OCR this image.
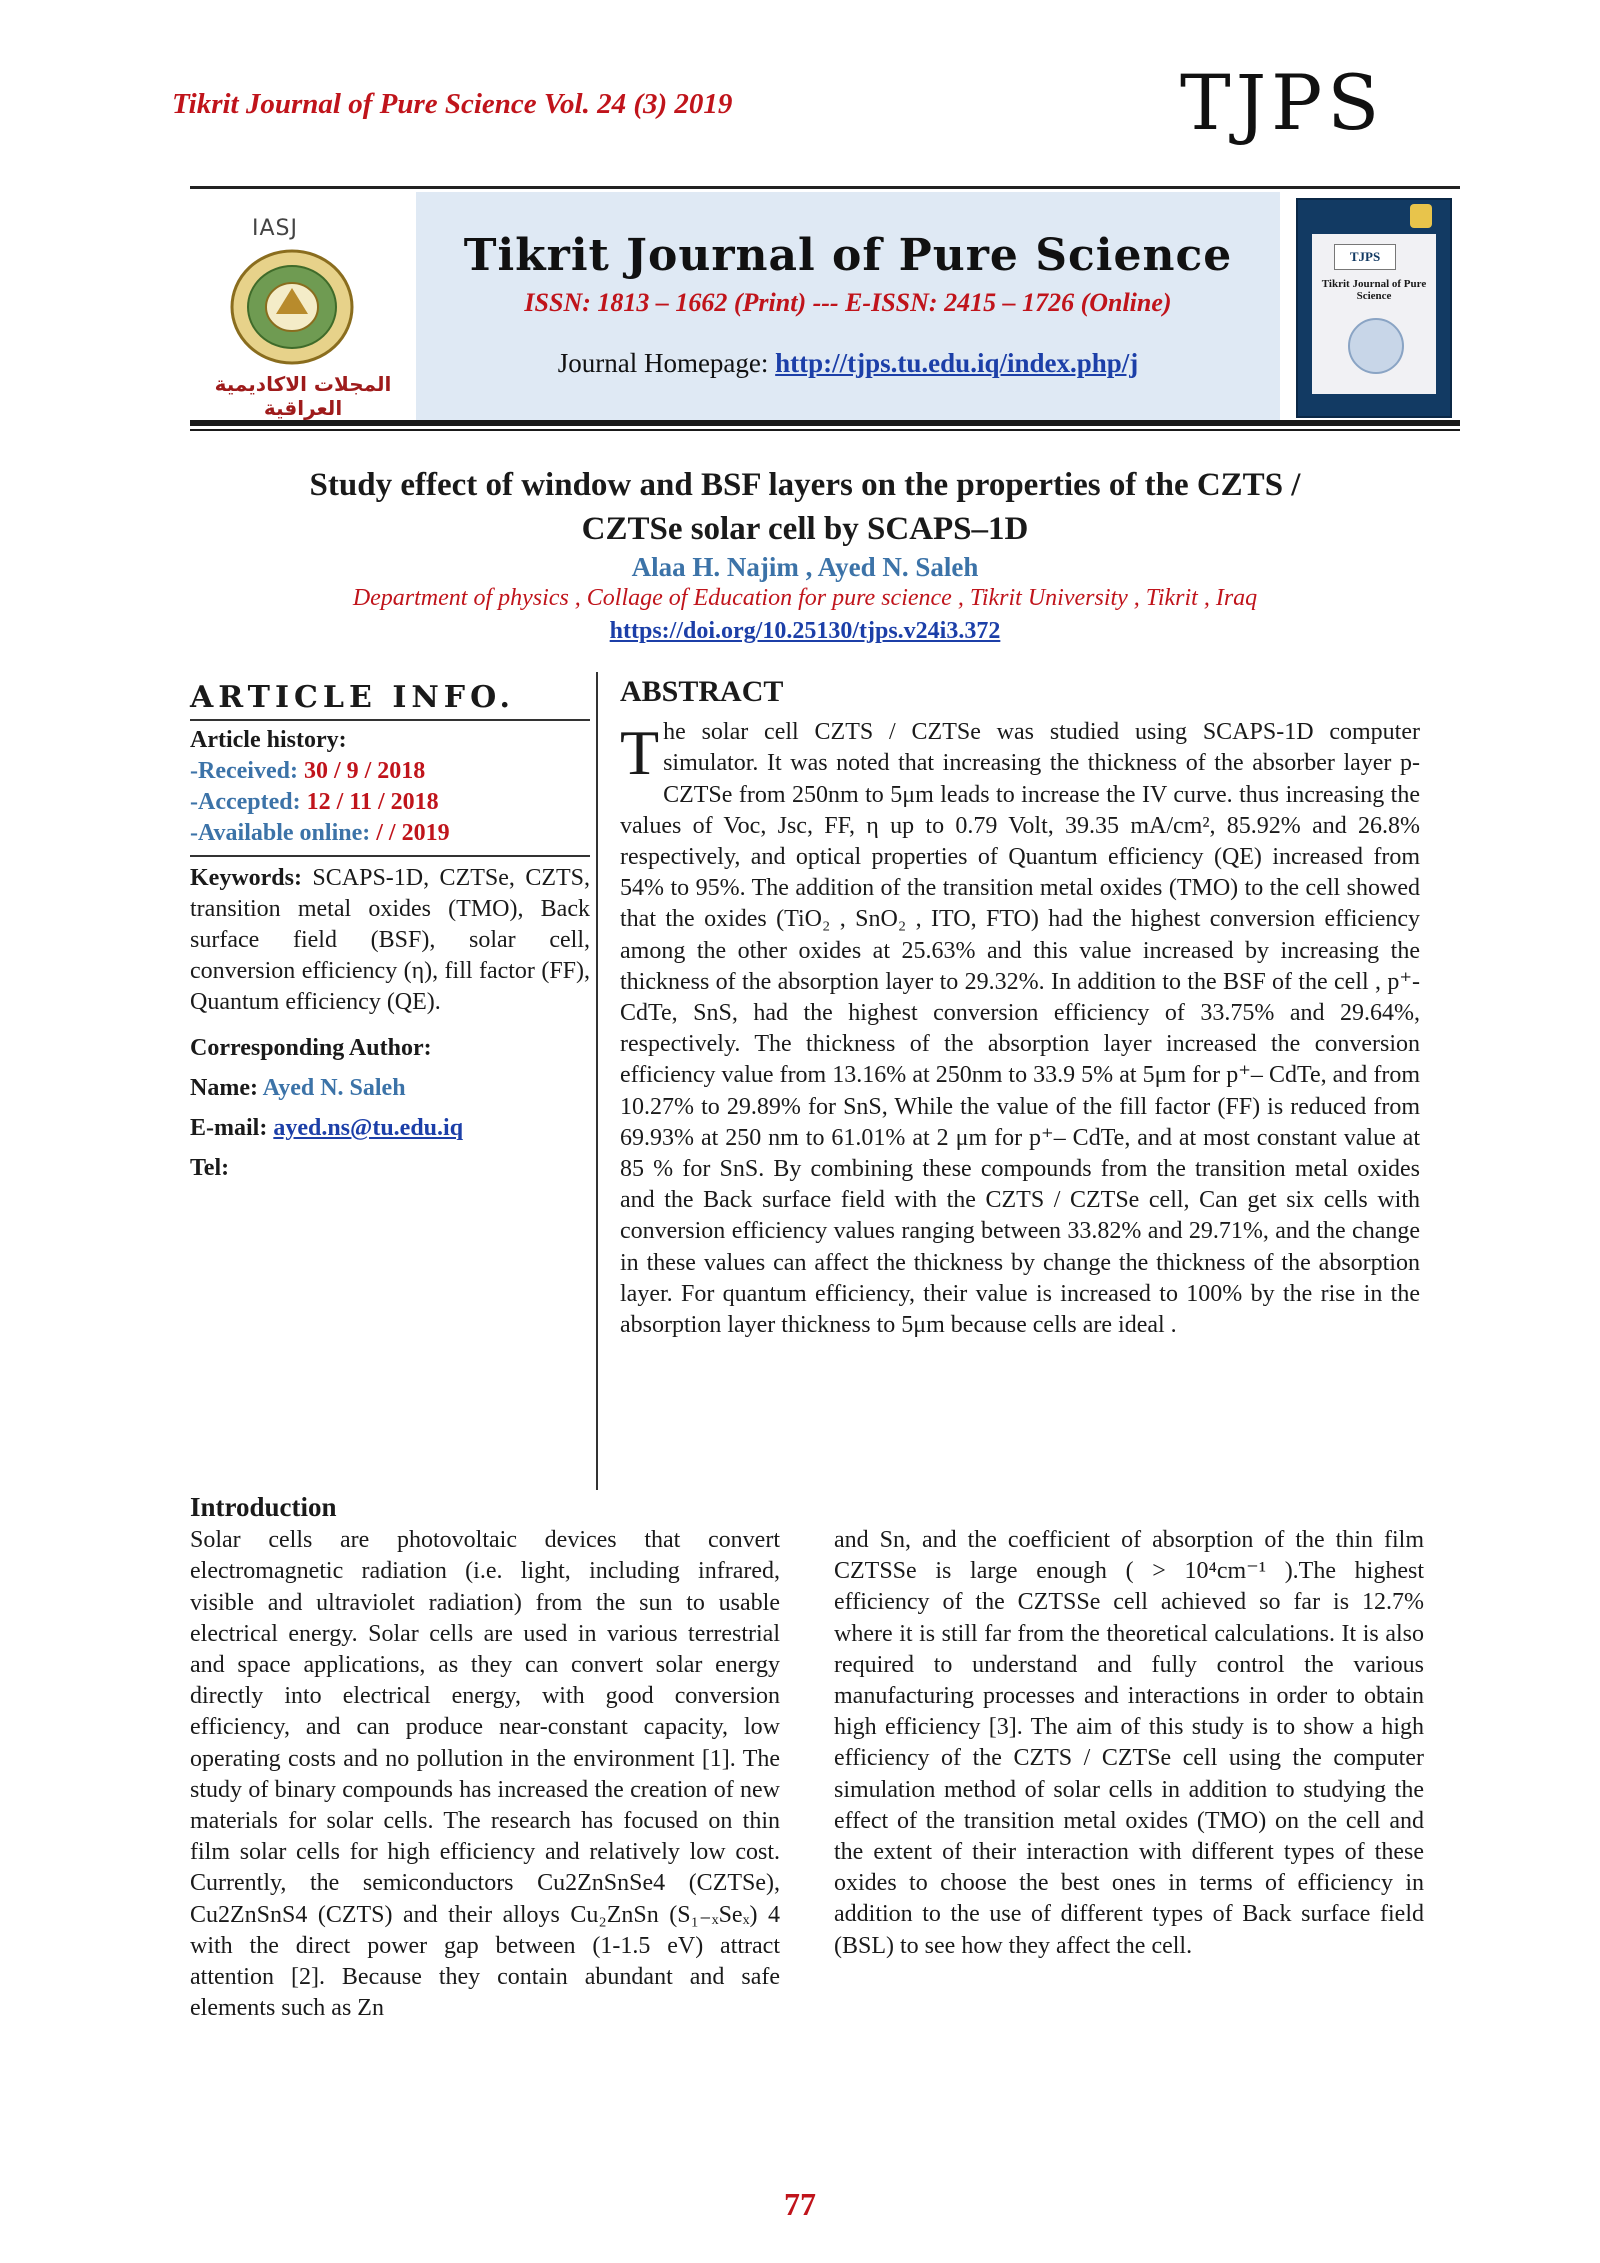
Tikrit Journal of Pure Science Vol. 24 (3) 2019	TJPS
IASJ
المجلات الاكاديمية العراقية
Tikrit Journal of Pure Science
ISSN: 1813 – 1662 (Print) --- E-ISSN: 2415 – 1726 (Online)
Journal Homepage: http://tjps.tu.edu.iq/index.php/j
TJPS
Tikrit Journal of Pure Science
Study effect of window and BSF layers on the properties of the CZTS /
CZTSe solar cell by SCAPS–1D
Alaa H. Najim , Ayed N. Saleh
Department of physics , Collage of Education for pure science , Tikrit University , Tikrit , Iraq
https://doi.org/10.25130/tjps.v24i3.372
ARTICLE INFO.
Article history:
-Received: 30 / 9 / 2018
-Accepted: 12 / 11 / 2018
-Available online: / / 2019
Keywords: SCAPS-1D, CZTSe, CZTS, transition metal oxides (TMO), Back surface field (BSF), solar cell, conversion efficiency (η), fill factor (FF), Quantum efficiency (QE).
Corresponding Author:
Name: Ayed N. Saleh
E-mail: ayed.ns@tu.edu.iq
Tel:
ABSTRACT
The solar cell CZTS / CZTSe was studied using SCAPS-1D computer simulator. It was noted that increasing the thickness of the absorber layer p-CZTSe from 250nm to 5μm leads to increase the IV curve. thus increasing the values of Voc, Jsc, FF, η up to 0.79 Volt, 39.35 mA/cm², 85.92% and 26.8% respectively, and optical properties of Quantum efficiency (QE) increased from 54% to 95%. The addition of the transition metal oxides (TMO) to the cell showed that the oxides (TiO₂ , SnO₂ , ITO, FTO) had the highest conversion efficiency among the other oxides at 25.63% and this value increased by increasing the thickness of the absorption layer to 29.32%. In addition to the BSF of the cell , p⁺-CdTe, SnS, had the highest conversion efficiency of 33.75% and 29.64%, respectively. The thickness of the absorption layer increased the conversion efficiency value from 13.16% at 250nm to 33.9 5% at 5μm for p⁺– CdTe, and from 10.27% to 29.89% for SnS, While the value of the fill factor (FF) is reduced from 69.93% at 250 nm to 61.01% at 2 μm for p⁺– CdTe, and at most constant value at 85 % for SnS. By combining these compounds from the transition metal oxides and the Back surface field with the CZTS / CZTSe cell, Can get six cells with conversion efficiency values ranging between 33.82% and 29.71%, and the change in these values can affect the thickness by change the thickness of the absorption layer. For quantum efficiency, their value is increased to 100% by the rise in the absorption layer thickness to 5μm because cells are ideal .
Introduction
Solar cells are photovoltaic devices that convert electromagnetic radiation (i.e. light, including infrared, visible and ultraviolet radiation) from the sun to usable electrical energy. Solar cells are used in various terrestrial and space applications, as they can convert solar energy directly into electrical energy, with good conversion efficiency, and can produce near-constant capacity, low operating costs and no pollution in the environment [1]. The study of binary compounds has increased the creation of new materials for solar cells. The research has focused on thin film solar cells for high efficiency and relatively low cost. Currently, the semiconductors Cu2ZnSnSe4 (CZTSe), Cu2ZnSnS4 (CZTS) and their alloys Cu₂ZnSn (S₁₋ₓSeₓ) 4 with the direct power gap between (1-1.5 eV) attract attention [2]. Because they contain abundant and safe elements such as Zn
and Sn, and the coefficient of absorption of the thin film CZTSSe is large enough ( > 10⁴cm⁻¹ ).The highest efficiency of the CZTSSe cell achieved so far is 12.7% where it is still far from the theoretical calculations. It is also required to understand and fully control the various manufacturing processes and interactions in order to obtain high efficiency [3]. The aim of this study is to show a high efficiency of the CZTS / CZTSe cell using the computer simulation method of solar cells in addition to studying the effect of the transition metal oxides (TMO) on the cell and the extent of their interaction with different types of these oxides to choose the best ones in terms of efficiency in addition to the use of different types of Back surface field (BSL) to see how they affect the cell.
77
